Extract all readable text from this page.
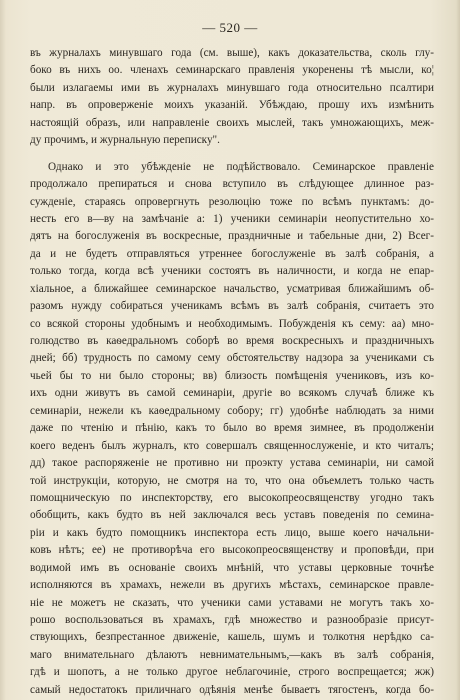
— 520 —
въ журналахъ минувшаго года (см. выше), какъ доказательства, сколь глу-
боко въ нихъ оо. членахъ семинарскаго правленія укоренены тѣ мысли, ко¦
были излагаемы ими въ журналахъ минувшаго года относительно псалтири
напр. въ опроверженіе моихъ указаній. Убѣждаю, прошу ихъ измѣнить
настоящій образъ, или направленіе своихъ мыслей, такъ умножающихъ, меж-
ду прочимъ, и журнальную переписку".
Однако и это убѣжденіе не подѣйствовало. Семинарское правленіе
продолжало препираться и снова вступило въ слѣдующее длинное раз-
сужденіе, стараясь опровергнуть резолюцію тоже по всѣмъ пунктамъ: до-
несть его в—ву на замѣчаніе а: 1) ученики семинаріи неопустительно хо-
дятъ на богослуженія въ воскресные, праздничные и табельные дни, 2) Всег-
да и не будетъ отправляться утреннее богослуженіе въ залѣ собранія, а
только тогда, когда всѣ ученики состоятъ въ наличности, и когда не епар-
хіальное, а ближайшее семинарское начальство, усматривая ближайшимъ об-
разомъ нужду собираться ученикамъ всѣмъ въ залѣ собранія, считаетъ это
со всякой стороны удобнымъ и необходимымъ. Побужденія къ сему: аа) мно-
голюдство въ каѳедральномъ соборѣ во время воскресныхъ и праздничныхъ
дней; бб) трудность по самому сему обстоятельству надзора за учениками съ
чьей бы то ни было стороны; вв) близость помѣщенія учениковъ, изъ ко-
ихъ одни живутъ въ самой семинаріи, другіе во всякомъ случаѣ ближе къ
семинаріи, нежели къ каѳедральному собору; гг) удобнѣе наблюдать за ними
даже по чтенію и пѣнію, какъ то было во время зимнее, въ продолженіи
коего веденъ былъ журналъ, кто совершалъ священнослуженіе, и кто читалъ;
дд) такое распоряженіе не противно ни проэкту устава семинаріи, ни самой
той инструкціи, которую, не смотря на то, что она объемлетъ только часть
помощническую по инспекторству, его высокопреосвященству угодно такъ
обобщить, какъ будто въ ней заключался весь уставъ поведенія по семина-
ріи и какъ будто помощникъ инспектора есть лицо, выше коего начальни-
ковъ нѣтъ; ее) не противорѣча его высокопреосвященству и проповѣди, при
водимой имъ въ основаніе своихъ мнѣній, что уставы церковные точнѣе
исполняются въ храмахъ, нежели въ другихъ мѣстахъ, семинарское правле-
ніе не можетъ не сказать, что ученики сами уставами не могутъ такъ хо-
рошо воспользоваться въ храмахъ, гдѣ множество и разнообразіе присут-
ствующихъ, безпрестанное движеніе, кашель, шумъ и толкотня нерѣдко са-
маго внимательнаго дѣлаютъ невнимательнымъ,—какъ въ залѣ собранія,
гдѣ и шопотъ, а не только другое неблагочиніе, строго воспрещается; жж)
самый недостатокъ приличнаго одѣянія менѣе бываетъ тягостенъ, когда бо-
